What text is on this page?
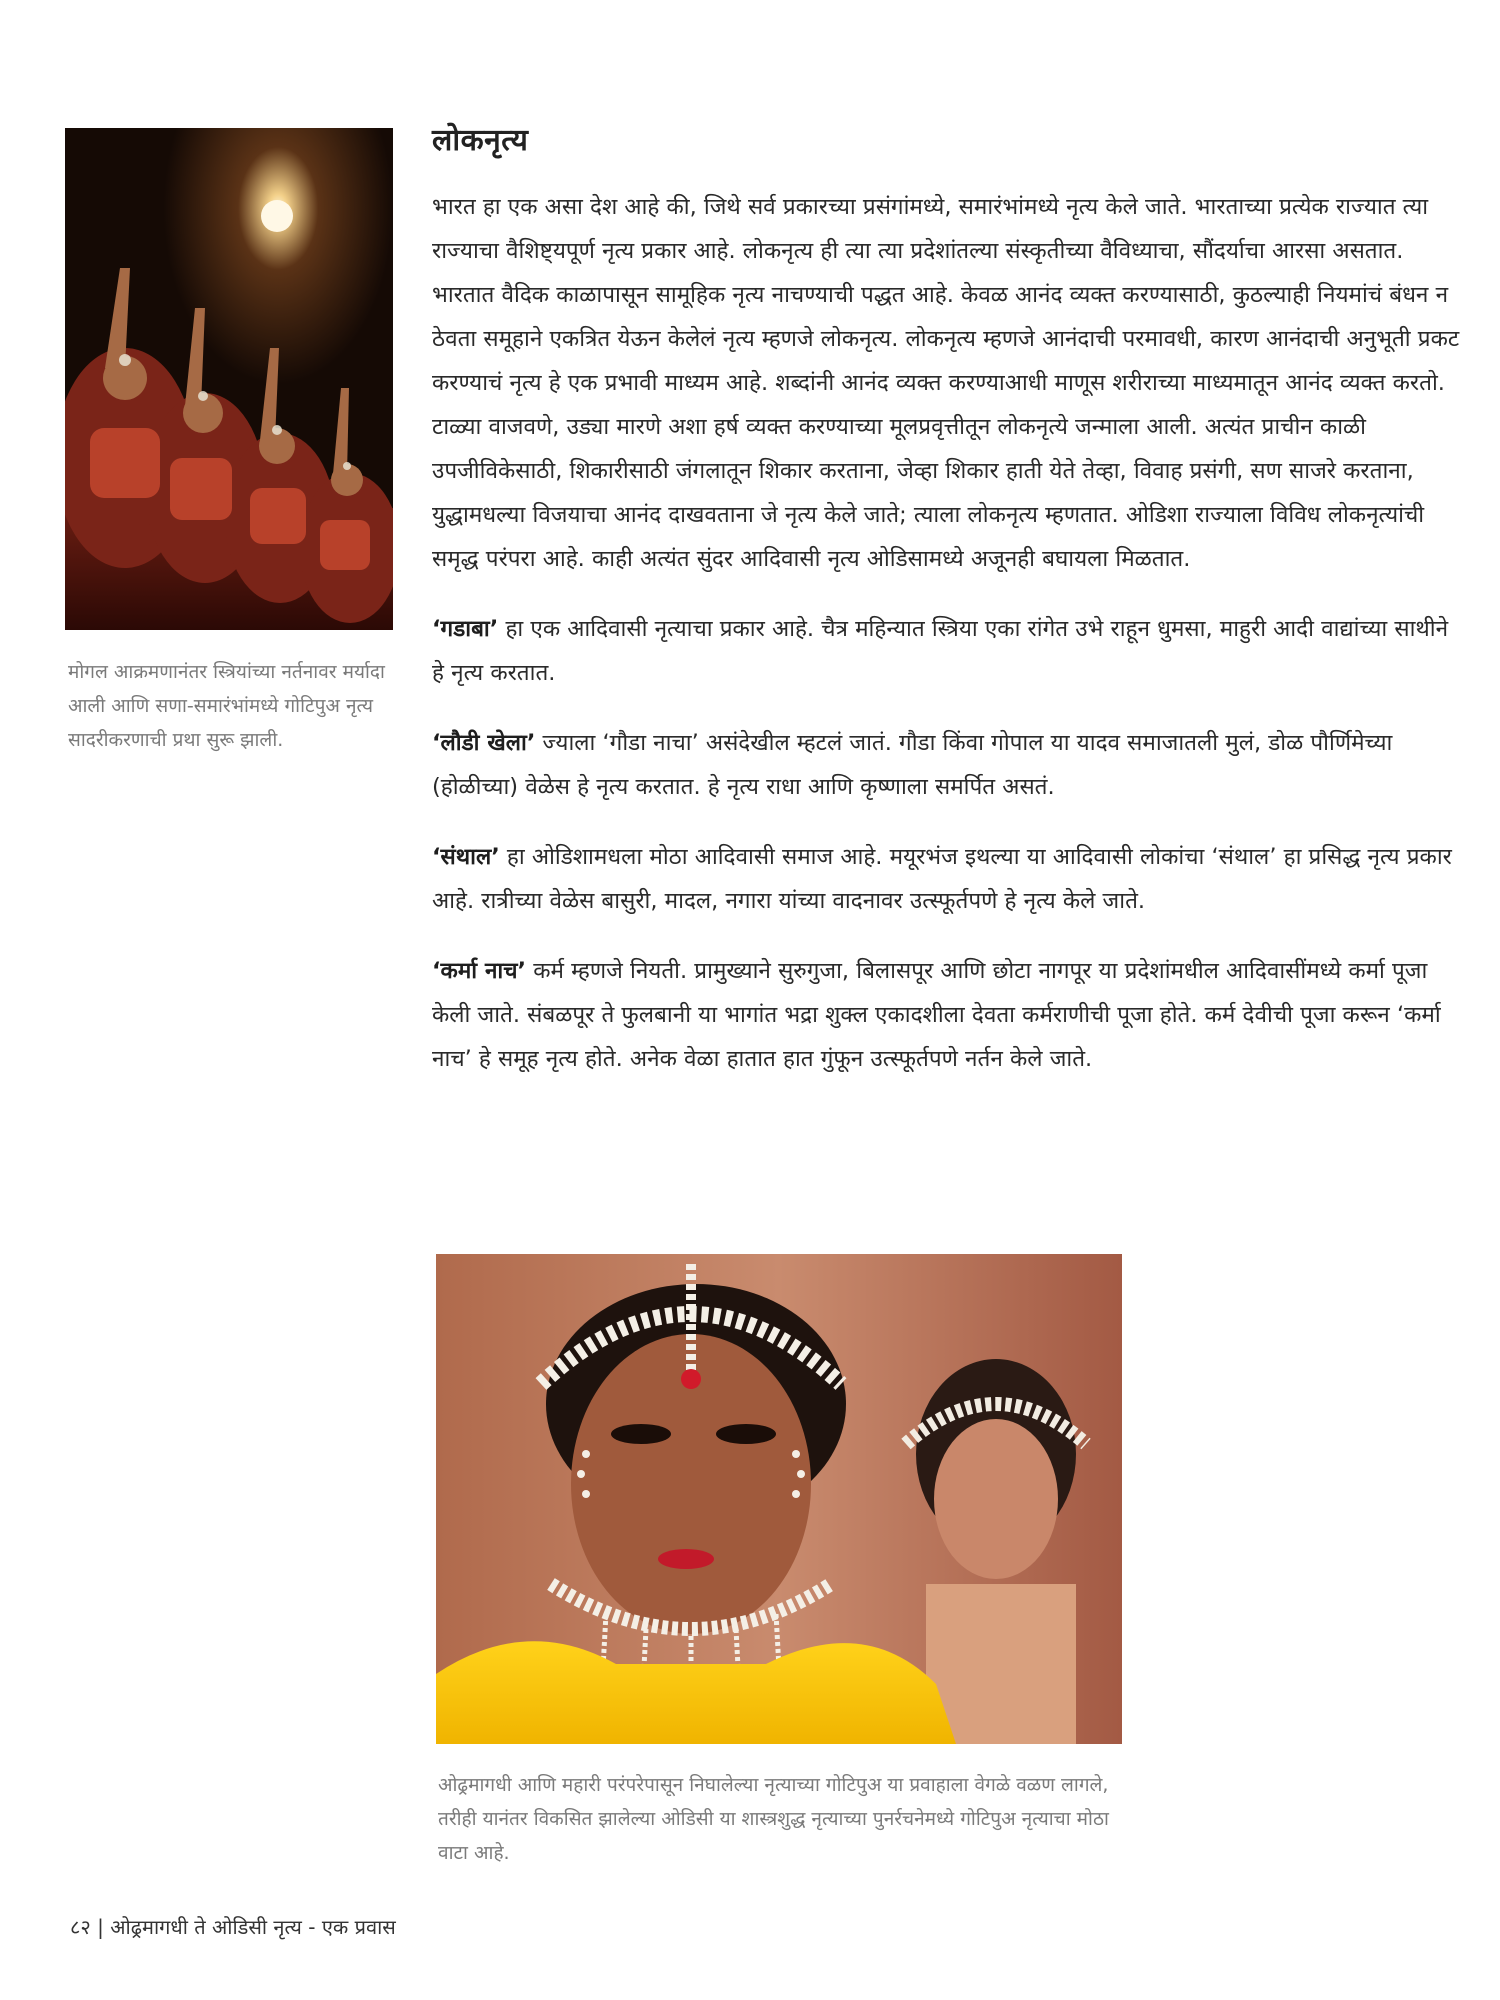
मोगल आक्रमणानंतर स्त्रियांच्या नर्तनावर मर्यादा आली आणि सणा-समारंभांमध्ये गोटिपुअ नृत्य सादरीकरणाची प्रथा सुरू झाली.
लोकनृत्य

भारत हा एक असा देश आहे की, जिथे सर्व प्रकारच्या प्रसंगांमध्ये, समारंभांमध्ये नृत्य केले जाते. भारताच्या प्रत्येक राज्यात त्या राज्याचा वैशिष्ट्यपूर्ण नृत्य प्रकार आहे. लोकनृत्य ही त्या त्या प्रदेशांतल्या संस्कृतीच्या वैविध्याचा, सौंदर्याचा आरसा असतात. भारतात वैदिक काळापासून सामूहिक नृत्य नाचण्याची पद्धत आहे. केवळ आनंद व्यक्त करण्यासाठी, कुठल्याही नियमांचं बंधन न ठेवता समूहाने एकत्रित येऊन केलेलं नृत्य म्हणजे लोकनृत्य. लोकनृत्य म्हणजे आनंदाची परमावधी, कारण आनंदाची अनुभूती प्रकट करण्याचं नृत्य हे एक प्रभावी माध्यम आहे. शब्दांनी आनंद व्यक्त करण्याआधी माणूस शरीराच्या माध्यमातून आनंद व्यक्त करतो. टाळ्या वाजवणे, उड्या मारणे अशा हर्ष व्यक्त करण्याच्या मूलप्रवृत्तीतून लोकनृत्ये जन्माला आली. अत्यंत प्राचीन काळी उपजीविकेसाठी, शिकारीसाठी जंगलातून शिकार करताना, जेव्हा शिकार हाती येते तेव्हा, विवाह प्रसंगी, सण साजरे करताना, युद्धामधल्या विजयाचा आनंद दाखवताना जे नृत्य केले जाते; त्याला लोकनृत्य म्हणतात. ओडिशा राज्याला विविध लोकनृत्यांची समृद्ध परंपरा आहे. काही अत्यंत सुंदर आदिवासी नृत्य ओडिसामध्ये अजूनही बघायला मिळतात.

‘गडाबा’ हा एक आदिवासी नृत्याचा प्रकार आहे. चैत्र महिन्यात स्त्रिया एका रांगेत उभे राहून धुमसा, माहुरी आदी वाद्यांच्या साथीने हे नृत्य करतात.

‘लौडी खेला’ ज्याला ‘गौडा नाचा’ असंदेखील म्हटलं जातं. गौडा किंवा गोपाल या यादव समाजातली मुलं, डोळ पौर्णिमेच्या (होळीच्या) वेळेस हे नृत्य करतात. हे नृत्य राधा आणि कृष्णाला समर्पित असतं.

‘संथाल’ हा ओडिशामधला मोठा आदिवासी समाज आहे. मयूरभंज इथल्या या आदिवासी लोकांचा ‘संथाल’ हा प्रसिद्ध नृत्य प्रकार आहे. रात्रीच्या वेळेस बासुरी, मादल, नगारा यांच्या वादनावर उत्स्फूर्तपणे हे नृत्य केले जाते.

‘कर्मा नाच’ कर्म म्हणजे नियती. प्रामुख्याने सुरुगुजा, बिलासपूर आणि छोटा नागपूर या प्रदेशांमधील आदिवासींमध्ये कर्मा पूजा केली जाते. संबळपूर ते फुलबानी या भागांत भद्रा शुक्ल एकादशीला देवता कर्मराणीची पूजा होते. कर्म देवीची पूजा करून ‘कर्मा नाच’ हे समूह नृत्य होते. अनेक वेळा हातात हात गुंफून उत्स्फूर्तपणे नर्तन केले जाते.

ओढ्रमागधी आणि महारी परंपरेपासून निघालेल्या नृत्याच्या गोटिपुअ या प्रवाहाला वेगळे वळण लागले, तरीही यानंतर विकसित झालेल्या ओडिसी या शास्त्रशुद्ध नृत्याच्या पुनर्रचनेमध्ये गोटिपुअ नृत्याचा मोठा वाटा आहे.
८२ | ओढ्रमागधी ते ओडिसी नृत्य - एक प्रवास
